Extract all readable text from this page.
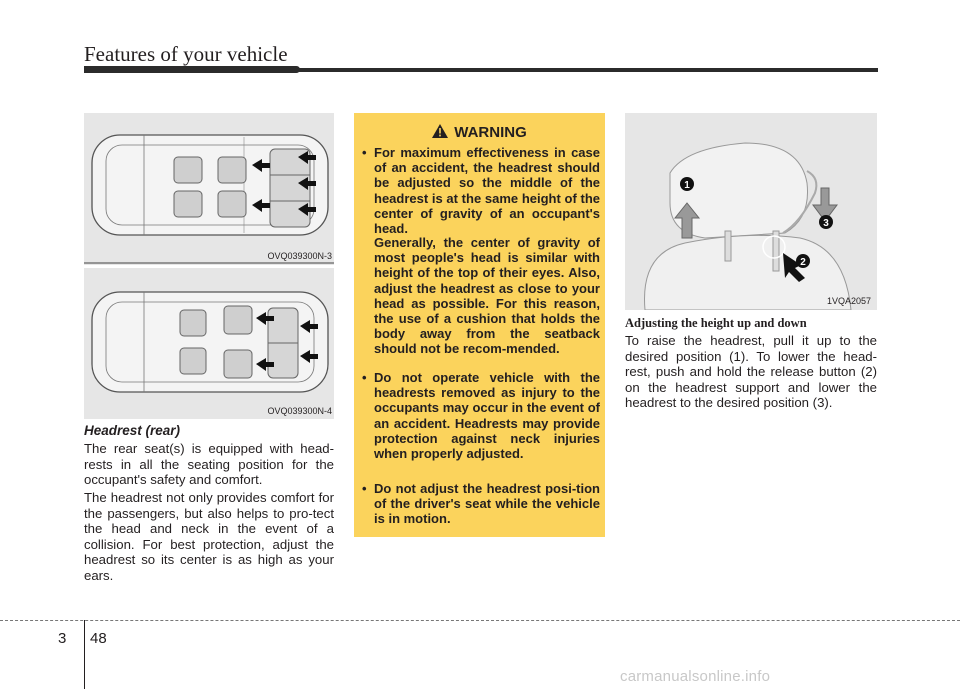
Features of your vehicle
OVQ039300N-3
OVQ039300N-4
Headrest (rear)
The rear seat(s) is equipped with head-rests in all the seating position for the occupant's safety and comfort.
The headrest not only provides comfort for the passengers, but also helps to pro-tect the head and neck in the event of a collision. For best protection, adjust the headrest so its center is as high as your ears.
WARNING
• For maximum effectiveness in case of an accident, the headrest should be adjusted so the middle of the headrest is at the same height of the center of gravity of an occupant's head.
Generally, the center of gravity of most people's head is similar with height of the top of their eyes. Also, adjust the headrest as close to your head as possible. For this reason, the use of a cushion that holds the body away from the seatback should not be recom-mended.
• Do not operate vehicle with the headrests removed as injury to the occupants may occur in the event of an accident. Headrests may provide protection against neck injuries when properly adjusted.
• Do not adjust the headrest posi-tion of the driver's seat while the vehicle is in motion.
1
2
3
1VQA2057
Adjusting the height up and down
To raise the headrest, pull it up to the desired position (1). To lower the head-rest, push and hold the release button (2) on the headrest support and lower the headrest to the desired position (3).
3 48
carmanualsonline.info
